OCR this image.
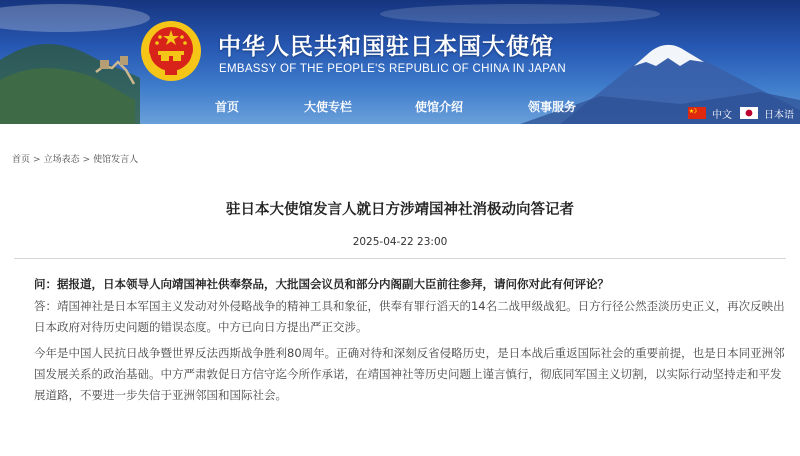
中华人民共和国驻日本国大使馆
EMBASSY OF THE PEOPLE'S REPUBLIC OF CHINA IN JAPAN
首页	大使专栏	使馆介绍	领事服务
中文	日本语
首页 > 立场表态 > 使馆发言人
驻日本大使馆发言人就日方涉靖国神社消极动向答记者
2025-04-22 23:00

问：据报道，日本领导人向靖国神社供奉祭品，大批国会议员和部分内阁副大臣前往参拜，请问你对此有何评论？

答：靖国神社是日本军国主义发动对外侵略战争的精神工具和象征，供奉有罪行滔天的14名二战甲级战犯。日方行径公然歪淡历史正义，再次反映出日本政府对待历史问题的错误态度。中方已向日方提出严正交涉。

今年是中国人民抗日战争暨世界反法西斯战争胜利80周年。正确对待和深刻反省侵略历史，是日本战后重返国际社会的重要前提，也是日本同亚洲邻国发展关系的政治基础。中方严肃敦促日方信守迄今所作承诺，在靖国神社等历史问题上谨言慎行，彻底同军国主义切割，以实际行动坚持走和平发展道路，不要进一步失信于亚洲邻国和国际社会。
